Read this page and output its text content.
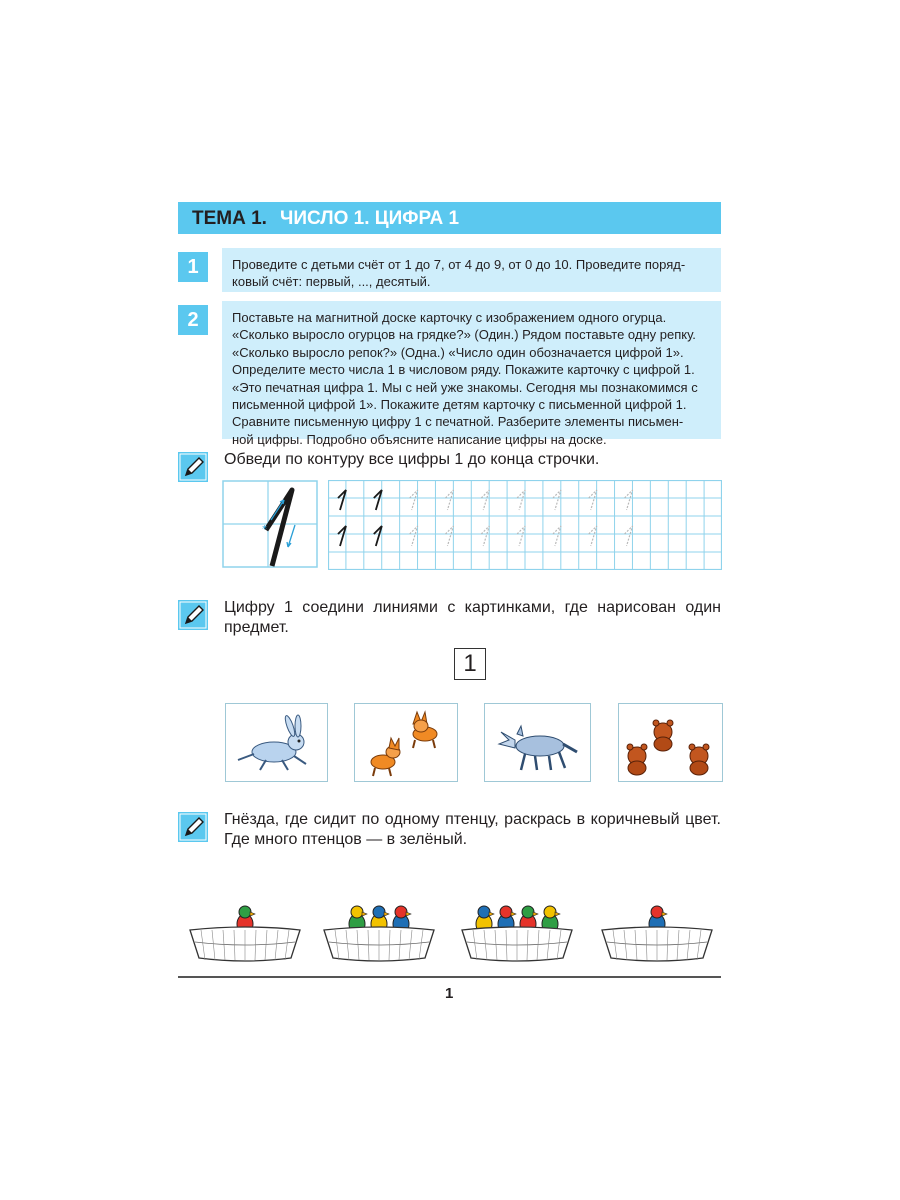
ТЕМА 1. ЧИСЛО 1. ЦИФРА 1
1	Проведите с детьми счёт от 1 до 7, от 4 до 9, от 0 до 10. Проведите поряд-
ковый счёт: первый, ..., десятый.
2	Поставьте на магнитной доске карточку с изображением одного огурца.
«Сколько выросло огурцов на грядке?» (Один.) Рядом поставьте одну репку.
«Сколько выросло репок?» (Одна.) «Число один обозначается цифрой 1».
Определите место числа 1 в числовом ряду. Покажите карточку с цифрой 1.
«Это печатная цифра 1. Мы с ней уже знакомы. Сегодня мы познакомимся с
письменной цифрой 1». Покажите детям карточку с письменной цифрой 1.
Сравните письменную цифру 1 с печатной. Разберите элементы письмен-
ной цифры. Подробно объясните написание цифры на доске.
Обведи по контуру все цифры 1 до конца строчки.
*
Цифру 1 соедини линиями с картинками, где нарисован один предмет.
1
Гнёзда, где сидит по одному птенцу, раскрась в коричневый цвет. Где много птенцов — в зелёный.
1
